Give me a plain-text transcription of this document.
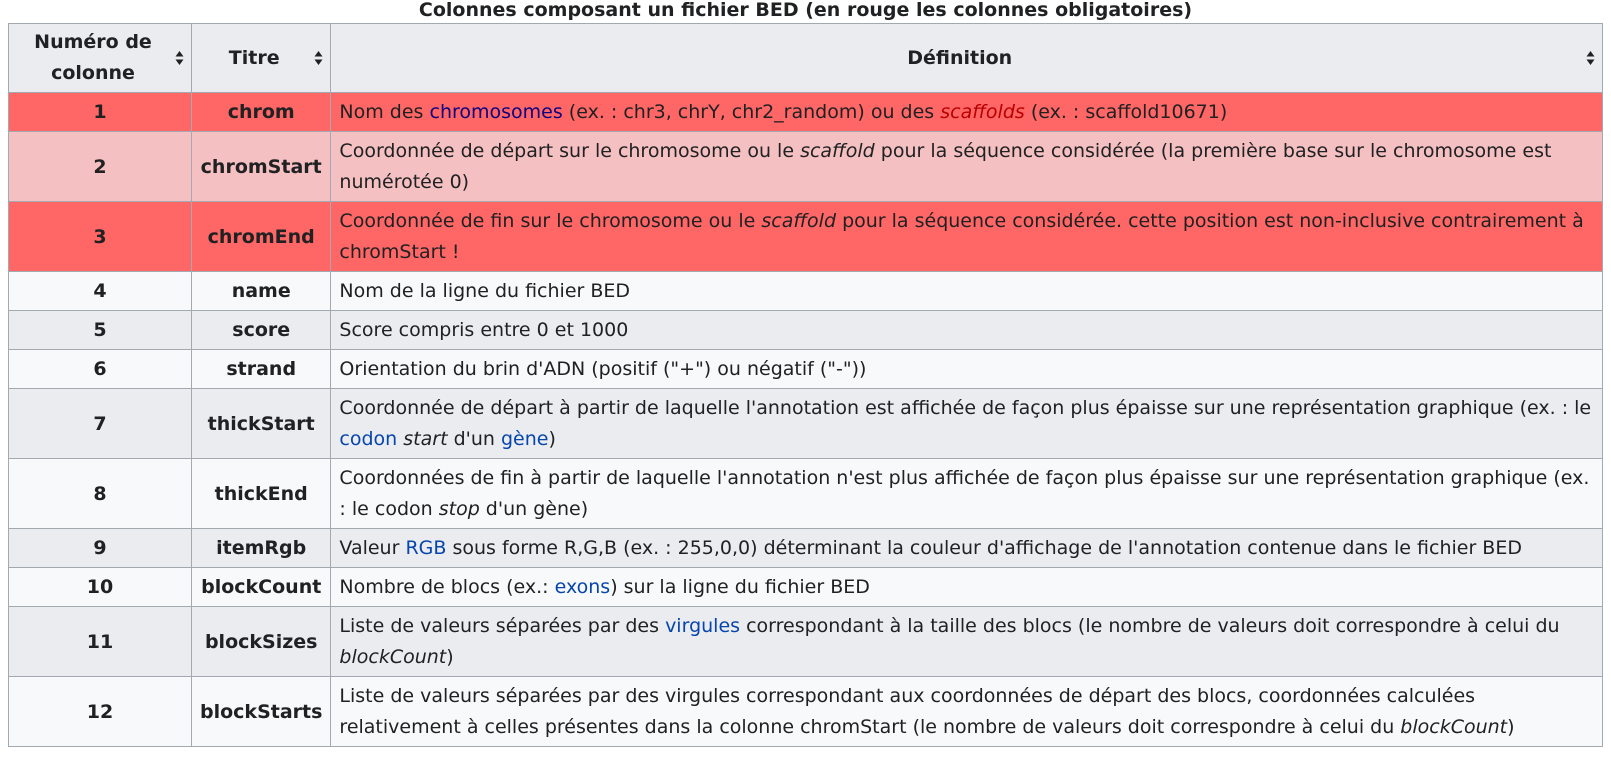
Colonnes composant un fichier BED (en rouge les colonnes obligatoires)
Numéro de
colonne	Titre	Définition

1	chrom	Nom des chromosomes (ex. : chr3, chrY, chr2_random) ou des scaffolds (ex. : scaffold10671)
2	chromStart	Coordonnée de départ sur le chromosome ou le scaffold pour la séquence considérée (la première base sur le chromosome est numérotée 0)
3	chromEnd	Coordonnée de fin sur le chromosome ou le scaffold pour la séquence considérée. cette position est non-inclusive contrairement à chromStart !
4	name	Nom de la ligne du fichier BED
5	score	Score compris entre 0 et 1000
6	strand	Orientation du brin d'ADN (positif ("+") ou négatif ("-"))
7	thickStart	Coordonnée de départ à partir de laquelle l'annotation est affichée de façon plus épaisse sur une représentation graphique (ex. : le codon start d'un gène)
8	thickEnd	Coordonnées de fin à partir de laquelle l'annotation n'est plus affichée de façon plus épaisse sur une représentation graphique (ex. : le codon stop d'un gène)
9	itemRgb	Valeur RGB sous forme R,G,B (ex. : 255,0,0) déterminant la couleur d'affichage de l'annotation contenue dans le fichier BED
10	blockCount	Nombre de blocs (ex.: exons) sur la ligne du fichier BED
11	blockSizes	Liste de valeurs séparées par des virgules correspondant à la taille des blocs (le nombre de valeurs doit correspondre à celui du blockCount)
12	blockStarts	Liste de valeurs séparées par des virgules correspondant aux coordonnées de départ des blocs, coordonnées calculées relativement à celles présentes dans la colonne chromStart (le nombre de valeurs doit correspondre à celui du blockCount)
